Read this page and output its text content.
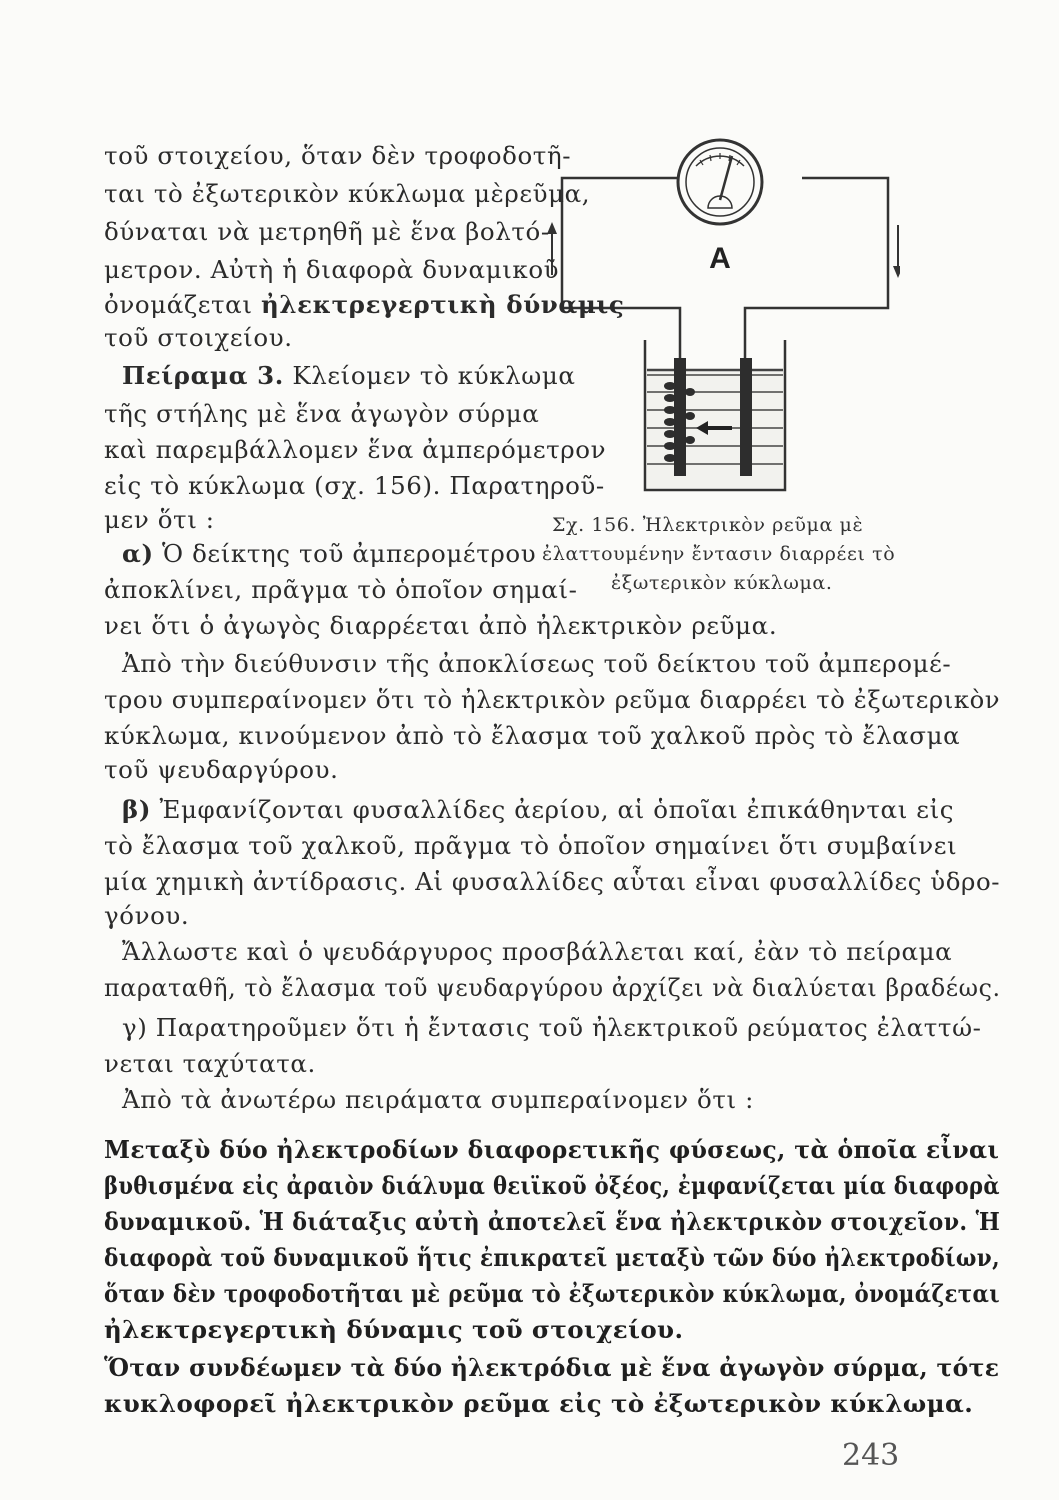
A
τοῦ στοιχείου, ὅταν δὲν τροφοδοτῆ-
ται τὸ ἐξωτερικὸν κύκλωμα μὲρεῦμα,
δύναται νὰ μετρηθῆ μὲ ἕνα βολτό-
μετρον. Αὐτὴ ἡ διαφορὰ δυναμικοῦ
ὀνομάζεται ἠλεκτρεγερτικὴ δύναμις
τοῦ στοιχείου.
Πείραμα 3. Κλείομεν τὸ κύκλωμα
τῆς στήλης μὲ ἕνα ἀγωγὸν σύρμα
καὶ παρεμβάλλομεν ἕνα ἀμπερόμετρον
εἰς τὸ κύκλωμα (σχ. 156). Παρατηροῦ-
μεν ὅτι :
α) Ὁ δείκτης τοῦ ἀμπερομέτρου
ἀποκλίνει, πρᾶγμα τὸ ὁποῖον σημαί-
νει ὅτι ὁ ἀγωγὸς διαρρέεται ἀπὸ ἠλεκτρικὸν ρεῦμα.
Σχ. 156. Ἠλεκτρικὸν ρεῦμα μὲ
ἐλαττουμένην ἔντασιν διαρρέει τὸ
ἐξωτερικὸν κύκλωμα.
Ἀπὸ τὴν διεύθυνσιν τῆς ἀποκλίσεως τοῦ δείκτου τοῦ ἀμπερομέ-
τρου συμπεραίνομεν ὅτι τὸ ἠλεκτρικὸν ρεῦμα διαρρέει τὸ ἐξωτερικὸν
κύκλωμα, κινούμενον ἀπὸ τὸ ἔλασμα τοῦ χαλκοῦ πρὸς τὸ ἔλασμα
τοῦ ψευδαργύρου.
β) Ἐμφανίζονται φυσαλλίδες ἀερίου, αἱ ὁποῖαι ἐπικάθηνται εἰς
τὸ ἔλασμα τοῦ χαλκοῦ, πρᾶγμα τὸ ὁποῖον σημαίνει ὅτι συμβαίνει
μία χημικὴ ἀντίδρασις. Αἱ φυσαλλίδες αὗται εἶναι φυσαλλίδες ὑδρο-
γόνου.
Ἄλλωστε καὶ ὁ ψευδάργυρος προσβάλλεται καί, ἐὰν τὸ πείραμα
παραταθῆ, τὸ ἔλασμα τοῦ ψευδαργύρου ἀρχίζει νὰ διαλύεται βραδέως.
γ) Παρατηροῦμεν ὅτι ἡ ἔντασις τοῦ ἠλεκτρικοῦ ρεύματος ἐλαττώ-
νεται ταχύτατα.
Ἀπὸ τὰ ἀνωτέρω πειράματα συμπεραίνομεν ὅτι :
Μεταξὺ δύο ἠλεκτροδίων διαφορετικῆς φύσεως, τὰ ὁποῖα εἶναι
βυθισμένα εἰς ἀραιὸν διάλυμα θειϊκοῦ ὀξέος, ἐμφανίζεται μία διαφορὰ
δυναμικοῦ. Ἡ διάταξις αὐτὴ ἀποτελεῖ ἕνα ἠλεκτρικὸν στοιχεῖον. Ἡ
διαφορὰ τοῦ δυναμικοῦ ἥτις ἐπικρατεῖ μεταξὺ τῶν δύο ἠλεκτροδίων,
ὅταν δὲν τροφοδοτῆται μὲ ρεῦμα τὸ ἐξωτερικὸν κύκλωμα, ὀνομάζεται
ἠλεκτρεγερτικὴ δύναμις τοῦ στοιχείου.
Ὅταν συνδέωμεν τὰ δύο ἠλεκτρόδια μὲ ἕνα ἀγωγὸν σύρμα, τότε
κυκλοφορεῖ ἠλεκτρικὸν ρεῦμα εἰς τὸ ἐξωτερικὸν κύκλωμα.
243
